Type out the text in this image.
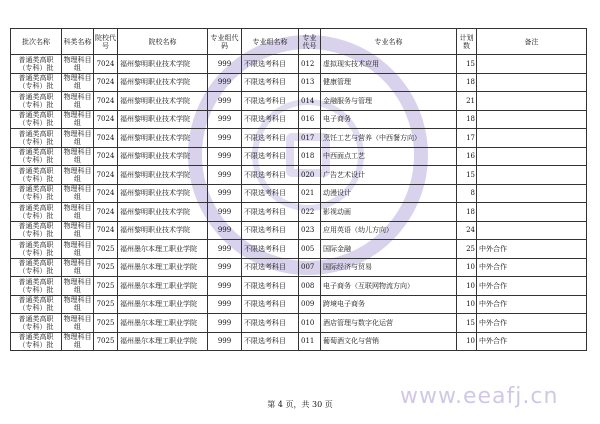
批次名称	科类名称	院校代号	院校名称	专业组代码	专业组名称	专业代号	专业名称	计划数	备注
普通类高职（专科）批	物理科目组	7024	福州黎明职业技术学院	999	不限选考科目	012	虚拟现实技术应用	15	
普通类高职（专科）批	物理科目组	7024	福州黎明职业技术学院	999	不限选考科目	013	健康管理	18	
普通类高职（专科）批	物理科目组	7024	福州黎明职业技术学院	999	不限选考科目	014	金融服务与管理	21	
普通类高职（专科）批	物理科目组	7024	福州黎明职业技术学院	999	不限选考科目	016	电子商务	18	
普通类高职（专科）批	物理科目组	7024	福州黎明职业技术学院	999	不限选考科目	017	烹饪工艺与营养（中西餐方向）	17	
普通类高职（专科）批	物理科目组	7024	福州黎明职业技术学院	999	不限选考科目	018	中西面点工艺	16	
普通类高职（专科）批	物理科目组	7024	福州黎明职业技术学院	999	不限选考科目	020	广告艺术设计	15	
普通类高职（专科）批	物理科目组	7024	福州黎明职业技术学院	999	不限选考科目	021	动漫设计	8	
普通类高职（专科）批	物理科目组	7024	福州黎明职业技术学院	999	不限选考科目	022	影视动画	18	
普通类高职（专科）批	物理科目组	7024	福州黎明职业技术学院	999	不限选考科目	023	应用英语（幼儿方向）	24	
普通类高职（专科）批	物理科目组	7025	福州墨尔本理工职业学院	999	不限选考科目	005	国际金融	25	中外合作
普通类高职（专科）批	物理科目组	7025	福州墨尔本理工职业学院	999	不限选考科目	007	国际经济与贸易	10	中外合作
普通类高职（专科）批	物理科目组	7025	福州墨尔本理工职业学院	999	不限选考科目	008	电子商务（互联网物流方向）	10	中外合作
普通类高职（专科）批	物理科目组	7025	福州墨尔本理工职业学院	999	不限选考科目	009	跨境电子商务	10	中外合作
普通类高职（专科）批	物理科目组	7025	福州墨尔本理工职业学院	999	不限选考科目	010	酒店管理与数字化运营	15	中外合作
普通类高职（专科）批	物理科目组	7025	福州墨尔本理工职业学院	999	不限选考科目	011	葡萄酒文化与营销	10	中外合作
www.eeafj.cn
第 4 页，共 30 页
